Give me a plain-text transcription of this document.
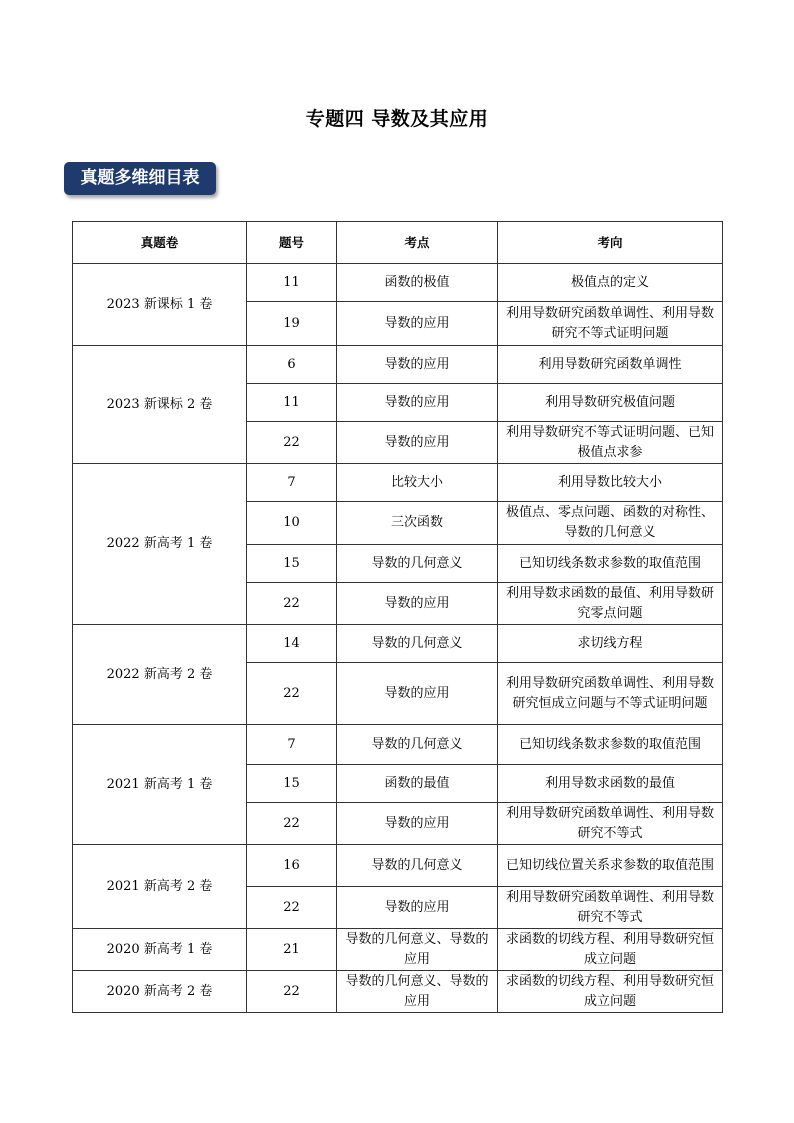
专题四 导数及其应用
真题多维细目表
真题卷	题号	考点	考向
2023 新课标 1 卷	11	函数的极值	极值点的定义
	19	导数的应用	利用导数研究函数单调性、利用导数研究不等式证明问题
2023 新课标 2 卷	6	导数的应用	利用导数研究函数单调性
	11	导数的应用	利用导数研究极值问题
	22	导数的应用	利用导数研究不等式证明问题、已知极值点求参
2022 新高考 1 卷	7	比较大小	利用导数比较大小
	10	三次函数	极值点、零点问题、函数的对称性、导数的几何意义
	15	导数的几何意义	已知切线条数求参数的取值范围
	22	导数的应用	利用导数求函数的最值、利用导数研究零点问题
2022 新高考 2 卷	14	导数的几何意义	求切线方程
	22	导数的应用	利用导数研究函数单调性、利用导数研究恒成立问题与不等式证明问题
2021 新高考 1 卷	7	导数的几何意义	已知切线条数求参数的取值范围
	15	函数的最值	利用导数求函数的最值
	22	导数的应用	利用导数研究函数单调性、利用导数研究不等式
2021 新高考 2 卷	16	导数的几何意义	已知切线位置关系求参数的取值范围
	22	导数的应用	利用导数研究函数单调性、利用导数研究不等式
2020 新高考 1 卷	21	导数的几何意义、导数的应用	求函数的切线方程、利用导数研究恒成立问题
2020 新高考 2 卷	22	导数的几何意义、导数的应用	求函数的切线方程、利用导数研究恒成立问题
